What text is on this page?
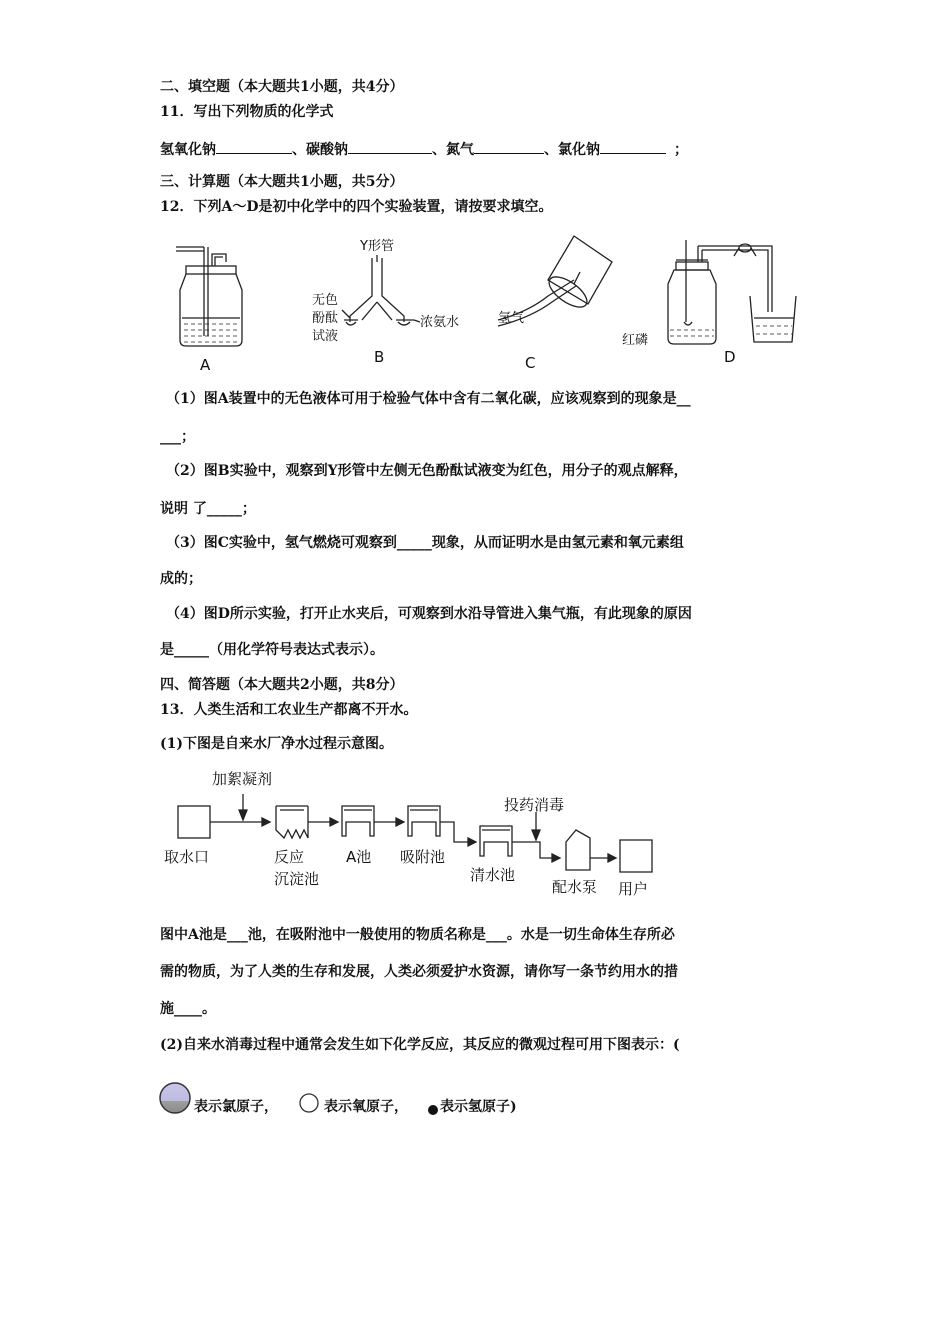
二、填空题（本大题共1小题，共4分）
11．写出下列物质的化学式
氢氧化钠	、碳酸钠	、氮气	、氯化钠	；
三、计算题（本大题共1小题，共5分）
12．下列A～D是初中化学中的四个实验装置，请按要求填空。
A	B	C	D
Y形管
无色
酚酞
试液
浓氨水	氢气
红磷
（1）图A装置中的无色液体可用于检验气体中含有二氧化碳，应该观察到的现象是__
___；
（2）图B实验中，观察到Y形管中左侧无色酚酞试液变为红色，用分子的观点解释，
说明 了_____；
（3）图C实验中，氢气燃烧可观察到_____现象，从而证明水是由氢元素和氧元素组
成的；
（4）图D所示实验，打开止水夹后，可观察到水沿导管进入集气瓶，有此现象的原因
是_____（用化学符号表达式表示）。
四、简答题（本大题共2小题，共8分）
13．人类生活和工农业生产都离不开水。
(1)下图是自来水厂净水过程示意图。
加絮凝剂
投药消毒
取水口	反应
沉淀池
A池 吸附池
清水池
配水泵 用户
图中A池是___池，在吸附池中一般使用的物质名称是___。水是一切生命体生存所必
需的物质，为了人类的生存和发展，人类必须爱护水资源，请你写一条节约用水的措
施____。
(2)自来水消毒过程中通常会发生如下化学反应，其反应的微观过程可用下图表示：(
表示氯原子，	表示氧原子， 表示氢原子)
